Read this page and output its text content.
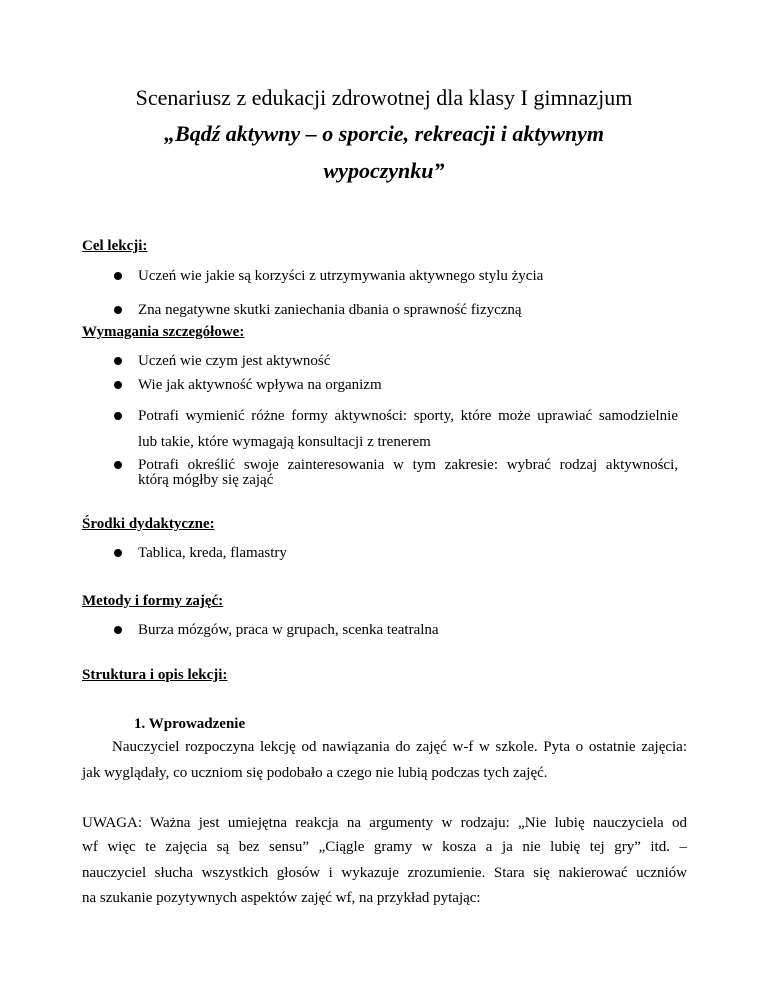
Scenariusz z edukacji zdrowotnej dla klasy I gimnazjum
„Bądź aktywny – o sporcie, rekreacji i aktywnym
wypoczynku”
Cel lekcji:
Uczeń wie jakie są korzyści z utrzymywania aktywnego stylu życia
Zna negatywne skutki zaniechania dbania o sprawność fizyczną
Wymagania szczegółowe:
Uczeń wie czym jest aktywność
Wie jak aktywność wpływa na organizm
Potrafi wymienić różne formy aktywności: sporty, które może uprawiać samodzielnie
lub takie, które wymagają konsultacji z trenerem
Potrafi określić swoje zainteresowania w tym zakresie: wybrać rodzaj aktywności,
którą mógłby się zająć
Środki dydaktyczne:
Tablica, kreda, flamastry
Metody i formy zajęć:
Burza mózgów, praca w grupach, scenka teatralna
Struktura i opis lekcji:
1. Wprowadzenie
Nauczyciel rozpoczyna lekcję od nawiązania do zajęć w-f w szkole. Pyta o ostatnie zajęcia:
jak wyglądały, co uczniom się podobało a czego nie lubią podczas tych zajęć.
UWAGA: Ważna jest umiejętna reakcja na argumenty w rodzaju: „Nie lubię nauczyciela od
wf więc te zajęcia są bez sensu” „Ciągle gramy w kosza a ja nie lubię tej gry” itd. –
nauczyciel słucha wszystkich głosów i wykazuje zrozumienie. Stara się nakierować uczniów
na szukanie pozytywnych aspektów zajęć wf, na przykład pytając:
